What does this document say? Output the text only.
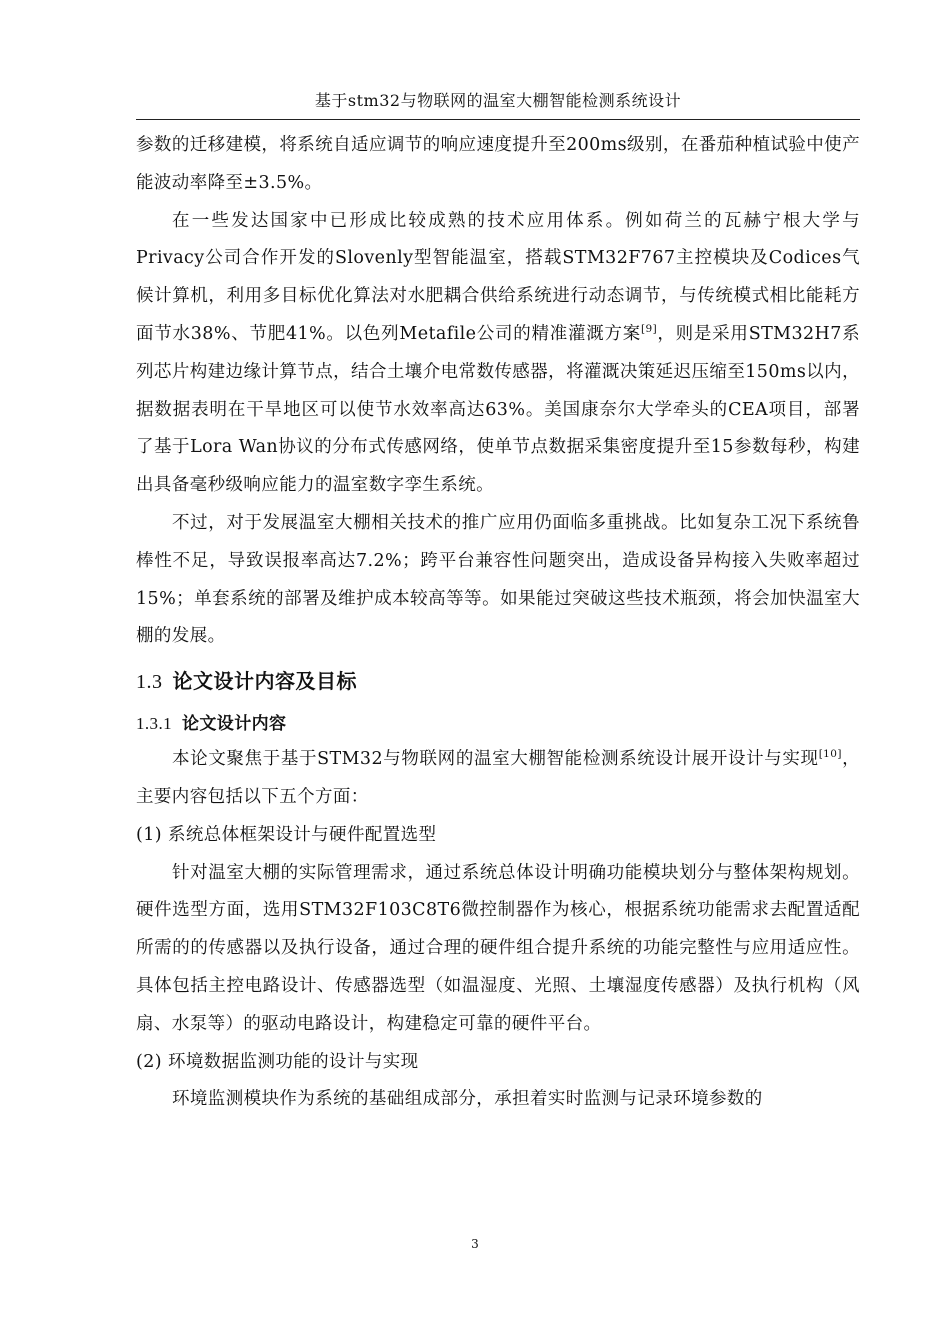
基于stm32与物联网的温室大棚智能检测系统设计

参数的迁移建模，将系统自适应调节的响应速度提升至200ms级别，在番茄种植试验中使产能波动率降至±3.5%。

在一些发达国家中已形成比较成熟的技术应用体系。例如荷兰的瓦赫宁根大学与Privacy公司合作开发的Slovenly型智能温室，搭载STM32F767主控模块及Codices气候计算机，利用多目标优化算法对水肥耦合供给系统进行动态调节，与传统模式相比能耗方面节水38%、节肥41%。以色列Metafile公司的精准灌溉方案[9]，则是采用STM32H7系列芯片构建边缘计算节点，结合土壤介电常数传感器，将灌溉决策延迟压缩至150ms以内，据数据表明在干旱地区可以使节水效率高达63%。美国康奈尔大学牵头的CEA项目，部署了基于Lora Wan协议的分布式传感网络，使单节点数据采集密度提升至15参数每秒，构建出具备毫秒级响应能力的温室数字孪生系统。

不过，对于发展温室大棚相关技术的推广应用仍面临多重挑战。比如复杂工况下系统鲁棒性不足，导致误报率高达7.2%；跨平台兼容性问题突出，造成设备异构接入失败率超过15%；单套系统的部署及维护成本较高等等。如果能过突破这些技术瓶颈，将会加快温室大棚的发展。

1.3 论文设计内容及目标
1.3.1 论文设计内容

本论文聚焦于基于STM32与物联网的温室大棚智能检测系统设计展开设计与实现[10]，主要内容包括以下五个方面：

(1) 系统总体框架设计与硬件配置选型

针对温室大棚的实际管理需求，通过系统总体设计明确功能模块划分与整体架构规划。硬件选型方面，选用STM32F103C8T6微控制器作为核心，根据系统功能需求去配置适配所需的的传感器以及执行设备，通过合理的硬件组合提升系统的功能完整性与应用适应性。具体包括主控电路设计、传感器选型（如温湿度、光照、土壤湿度传感器）及执行机构（风扇、水泵等）的驱动电路设计，构建稳定可靠的硬件平台。

(2) 环境数据监测功能的设计与实现

环境监测模块作为系统的基础组成部分，承担着实时监测与记录环境参数的

3
